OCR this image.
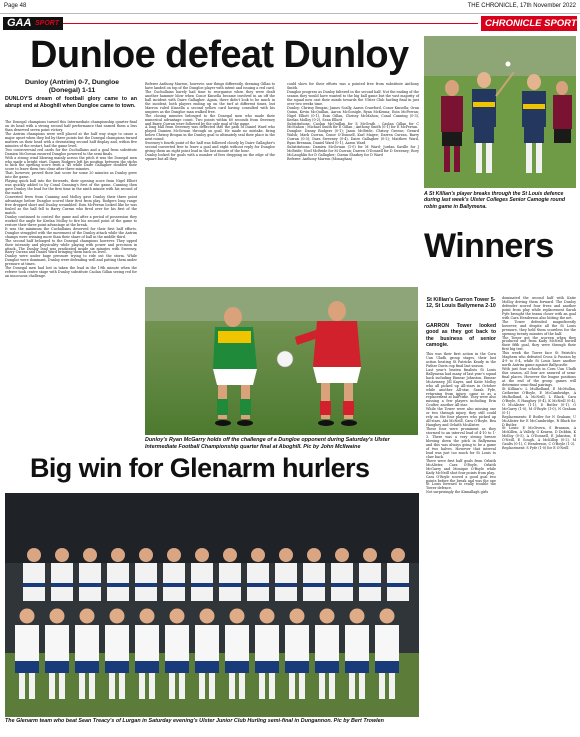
Page 48	THE CHRONICLE, 17th November 2022
GAA SPORT	CHRONICLE SPORT
Dunloe defeat Dunloy
Dunloy (Antrim) 0-7, Dungloe (Donegal) 1-11
DUNLOY'S dream of football glory came to an abrupt end at Aboghill when Dungloe came to town.
The Donegal champions turned this Intermediate championship quarter final on its head with a strong second half performance that earned them a less than deserved seven point victory.
The Antrim champions were well placed at the half way stage to cause a major upset when they led by three points but the Donegal champions turned matters on their head with a devastating second half display and, within five minutes of the restart, had the game level.
Two controversial red cards for the Cuchullains and a goal from substitute Damien McGowan ensured Dungloe powered to the semi finals.
With a strong wind blowing mainly across the pitch it was the Donegal men who made a bright start. Danny Rodgers left his position between the sticks to kick the opening score from a '45 while Daire Gallagher doubled their score to leave them two clear after three minutes.
That, however, proved their last score for some 20 minutes as Dunloy grew into the game.
Playing quick ball into the forwards, their opening score from Nigel Elliott was quickly added to by Conal Cunning's first of the game. Cunning then gave Dunloy the lead for the first time in the ninth minute with his second of the match.
Converted frees from Cunning and Molloy gave Dunloy their three point advantage before Dungloe scored their first from play. Rodgers long range free dropped short and Dunloy scrambled. Eoin McFerran looked like he was fouled as the ball fell to Barry Curran who fired over for his first of the match.
Dunloy continued to control the game and after a period of possession they worked the angle for Keelan Molloy to fire his second point of the game to restore their three point advantage at the break.
It was the minimum the Cuchullains deserved for their first half efforts. Dungloe struggled with the movement of the Dunloy attack while the Antrim champs were winning more than their share of ball in the middle third.
The second half belonged to the Donegal champions however. They upped their intensity and physicality while playing with power and precision in attack. The Dunloy lead was eradicated inside six minutes with Sweeney, Barry Curran and Daniel Ward bringing them back on level.
Dunloy were under huge pressure trying to ride out the storm. While Dungloe were dominant, Dunloy were defending well and putting them under pressure at times.
The Donegal men had lost in taken the lead in the 19th minute when the referee took centre stage with Dunloy substitute Caolan Gillan seeing red for an innocuous challenge.
Referee Anthony Marron, however, saw things differently, deeming Gillan to have landed on top of the Dungloe player with intent and issuing a red card.
The Cuchullains barely had time to reorganise when they were dealt another hammer blow when Conor Kinsella became involved in an off the ball incident with Daire Gallagher. Again, there didn't look to be much in the incident, both players ending up on the turf at different times, but Marron ruled Kinsella a second yellow card having consulted with his umpires as the Dungloe man walked free.
The closing minutes belonged to the Donegal men who made their numerical advantage count. Two points within 60 seconds from Sweeney and Barry Curran were followed by the only goal of the game.
A long ball from Sweeney was deflected into the path of Daniel Ward who played Damien McGowan through on goal. He made no mistake, firing below Chrissy Brogan in the Dunloy goal to ultimately seal their place in the next round.
Sweeney's fourth point of the half was followed closely by Daire Gallagher's second converted free to leave a goal and eight without reply for Dungloe giving them an eight point lead in the last minute of the hour.
Dunloy looked for goals with a number of fees dropping on the edge of the square but all they
could show for their efforts was a pointed free from substitute Anthony Smith.
Dungloe progress as Dunloy faltered in the second half. Not the ending of the season they would have wanted to the big ball game but the vast majority of the squad now cast their minds towards the Ulster Club hurling final in just over two weeks time.
Dunloy: Chrissy Brogan; James Scally, Aaron Crawford, Conor Kinsella; Oran Quinn, Kevin McQuillan, Aaron McGonigle, Ryan McKenna; Eoin McFerran; Nigel Elliott (0-1), Eoin Gillan, Chrissy McMahon; Conal Cunning (0-3), Keelan Molloy (0-2), Sean Elliott
Substitutions: Caolan McQuillan for S McGrath ; Caolan Gillan for C McMahon ; Michael Smith for E Gillan ; Anthony Smith (0-1) for E McFerran.
Dungloe: Danny Rodgers (0-1); Jason McBride, Chrissy Greene, Gerard Walsh; Mark Curran, Conor O'Donnell, Karl Magee; Darren Curran, Barry Curran (0-3); Dara Sweeney (0-4), Daire Gallagher (0-2); Matthew Ward, Ryan Brennan, Daniel Ward (0-1), Aaron Ward
Substitutions: Damien McGowan (1-0) for M Ward; Jordan Saville for J McBride; Noel McBride for M Curran; Darren O'Donnell for D Sweeney; Rory McLaughlin for D Gallagher; Ciaran Sharkey for D Ward
Referee: Anthony Marron (Monaghan)
Dunloy's Ryan McGarry holds off the challenge of a Dungloe opponent during Saturday's Ulster Intermediate Football Championship quarter final at Aboghill. Pic by John McIlwaine
A St Killian's player breaks through the St Louis defence during last week's Ulster Colleges Senior Camogie round robin game in Ballymena.
Winners
St Killian's Garron Tower 5-12, St Louis Ballymena 2-10
GARRON Tower looked good as they got back to the business of senior camogie.
This was their first action in the Corn Uan Uladh group stages, their last action beating St Patricks Keady in the Father Davis cup final last season.
Last year's beaten finalists St Louis Ballymena had many of last year's squad back including Eimear Johnston, Eimear McAvinney, Jill Kayes, and Katie Molloy who all picked up All-stars in October while another All-star, Sarah Fyfe, returning from injury, came in as a replacement at half-time. They were also missing a few players including Erin Coulter, another All-star.
While the Tower were also missing one or two through injury, they still could rely on the four players who picked up All-stars, Abi McNeill, Cara O'Boyle, Bea Haughey and Orlaith McAlister.
These four were prominent as they stormed to an interval lead of 4-10 to 1-3. There was a very strong breeze blowing down the pitch in Ballymena and this was always going to be a game of two halves. However that interval lead was just too much for St Louis to claw back.
There were first half goals from Orlaith McAlister, Cara O'Boyle, Orlaith McGarry and Monique O'Boyle while Kady McNeill shot four points from play.
Cara O'Boyle scored a good goal two points before the break and was the one St Louis forward to really trouble the Tower defence.
Not surprisingly the Kinnallagh girls
dominated the second half with Katie Molloy driving them forward. The Dunloy defender scored four frees and another point from play while replacement Sarah Fyfe brought the teams closer with an goal with Cara Henderson also hitting the net.
The Tower defended magnificently however, and despite all the St Louis pressure, they held them scoreless for the opening twenty minutes of the half.
The Tower got the scoreen when they produced one from Kady McNeill buried their fifth goal, they were through their first big test.
This week the Tower face St Patrick's Maghera who defeated Cross & Passion by 4-9 to 0-4, while St Louis have another north Antrim game against Ballycastle.
With just four schools in Corn Uan Uladh this season, all four are assured of semi-final places. However the league positions at the end of the group games will determine semi-final pairings.
St Killian's: L Mulholland, E McMullan, Catherine O'Boyle, E McCambridge, A Mulholland, A McNeill, L Black, Cara O'Boyle, S Haughey (0-4), K McNeill (0-4), O McAlister (1-1), D Butler (0-1), O McGarry (1-0), M O'Boyle (1-0), N Graham (0-1)
Replacements: E Butler for N Graham; U McAlister for E McCambridge, R Black for D Butler.
St Louis: E McGivern, S Brannon, A McKillen, A Vallely, G Kearns, D Dobbin, K Molloy (0-5), A O'Donnell, E Johnston, E O'Neill, E Gough, A McKillop (0-2), M Gaults (0-1), C Henderson, C O'Boyle (1-2).
Replacement: S Fyfe (1-0) for E O'Neill
Big win for Glenarm hurlers
The Glenarm team who beat Sean Treacy's of Lurgan in Saturday evening's Ulster Junior Club Hurling semi-final in Dungannon. Pic by Bert Trowlen
